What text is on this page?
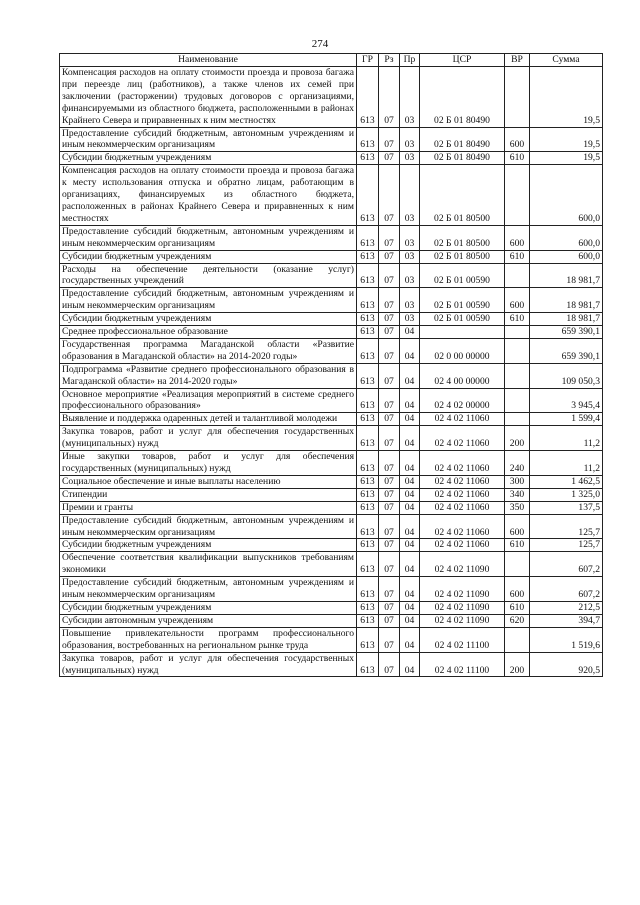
274
Наименование	ГР	Рз	Пр	ЦСР	ВР	Сумма
Компенсация расходов на оплату стоимости проезда и провоза багажа при переезде лиц (работников), а также членов их семей при заключении (расторжении) трудовых договоров с организациями, финансируемыми из областного бюджета, расположенными в районах Крайнего Севера и приравненных к ним местностях	613	07	03	02 Б 01 80490		19,5
Предоставление субсидий бюджетным, автономным учреждениям и иным некоммерческим организациям	613	07	03	02 Б 01 80490	600	19,5
Субсидии бюджетным учреждениям	613	07	03	02 Б 01 80490	610	19,5
Компенсация расходов на оплату стоимости проезда и провоза багажа к месту использования отпуска и обратно лицам, работающим в организациях, финансируемых из областного бюджета, расположенных в районах Крайнего Севера и приравненных к ним местностях	613	07	03	02 Б 01 80500		600,0
Предоставление субсидий бюджетным, автономным учреждениям и иным некоммерческим организациям	613	07	03	02 Б 01 80500	600	600,0
Субсидии бюджетным учреждениям	613	07	03	02 Б 01 80500	610	600,0
Расходы на обеспечение деятельности (оказание услуг) государственных учреждений	613	07	03	02 Б 01 00590		18 981,7
Предоставление субсидий бюджетным, автономным учреждениям и иным некоммерческим организациям	613	07	03	02 Б 01 00590	600	18 981,7
Субсидии бюджетным учреждениям	613	07	03	02 Б 01 00590	610	18 981,7
Среднее профессиональное образование	613	07	04			659 390,1
Государственная программа Магаданской области «Развитие образования в Магаданской области» на 2014-2020 годы»	613	07	04	02 0 00 00000		659 390,1
Подпрограмма «Развитие среднего профессионального образования в Магаданской области» на 2014-2020 годы»	613	07	04	02 4 00 00000		109 050,3
Основное мероприятие «Реализация мероприятий в системе среднего профессионального образования»	613	07	04	02 4 02 00000		3 945,4
Выявление и поддержка одаренных детей и талантливой молодежи	613	07	04	02 4 02 11060		1 599,4
Закупка товаров, работ и услуг для обеспечения государственных (муниципальных) нужд	613	07	04	02 4 02 11060	200	11,2
Иные закупки товаров, работ и услуг для обеспечения государственных (муниципальных) нужд	613	07	04	02 4 02 11060	240	11,2
Социальное обеспечение и иные выплаты населению	613	07	04	02 4 02 11060	300	1 462,5
Стипендии	613	07	04	02 4 02 11060	340	1 325,0
Премии и гранты	613	07	04	02 4 02 11060	350	137,5
Предоставление субсидий бюджетным, автономным учреждениям и иным некоммерческим организациям	613	07	04	02 4 02 11060	600	125,7
Субсидии бюджетным учреждениям	613	07	04	02 4 02 11060	610	125,7
Обеспечение соответствия квалификации выпускников требованиям экономики	613	07	04	02 4 02 11090		607,2
Предоставление субсидий бюджетным, автономным учреждениям и иным некоммерческим организациям	613	07	04	02 4 02 11090	600	607,2
Субсидии бюджетным учреждениям	613	07	04	02 4 02 11090	610	212,5
Субсидии автономным учреждениям	613	07	04	02 4 02 11090	620	394,7
Повышение привлекательности программ профессионального образования, востребованных на региональном рынке труда	613	07	04	02 4 02 11100		1 519,6
Закупка товаров, работ и услуг для обеспечения государственных (муниципальных) нужд	613	07	04	02 4 02 11100	200	920,5
